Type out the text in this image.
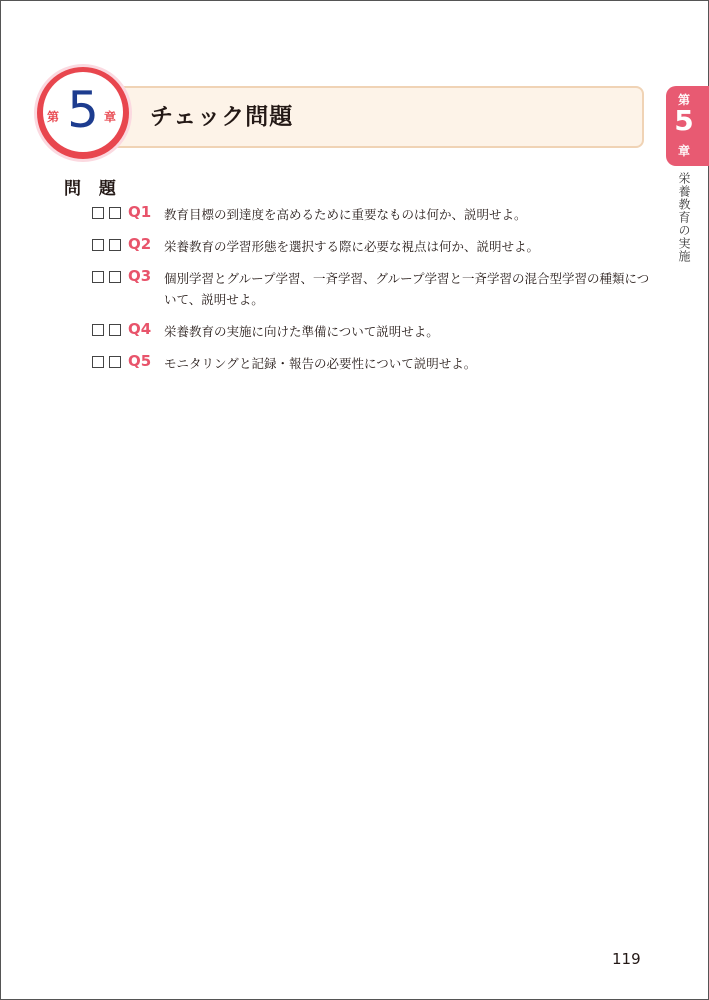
チェック問題
第 5 章
第
5
章
栄養教育の実施
問 題
Q1 教育目標の到達度を高めるために重要なものは何か、説明せよ。
Q2 栄養教育の学習形態を選択する際に必要な視点は何か、説明せよ。
Q3 個別学習とグループ学習、一斉学習、グループ学習と一斉学習の混合型学習の種類について、説明せよ。
Q4 栄養教育の実施に向けた準備について説明せよ。
Q5 モニタリングと記録・報告の必要性について説明せよ。
119
